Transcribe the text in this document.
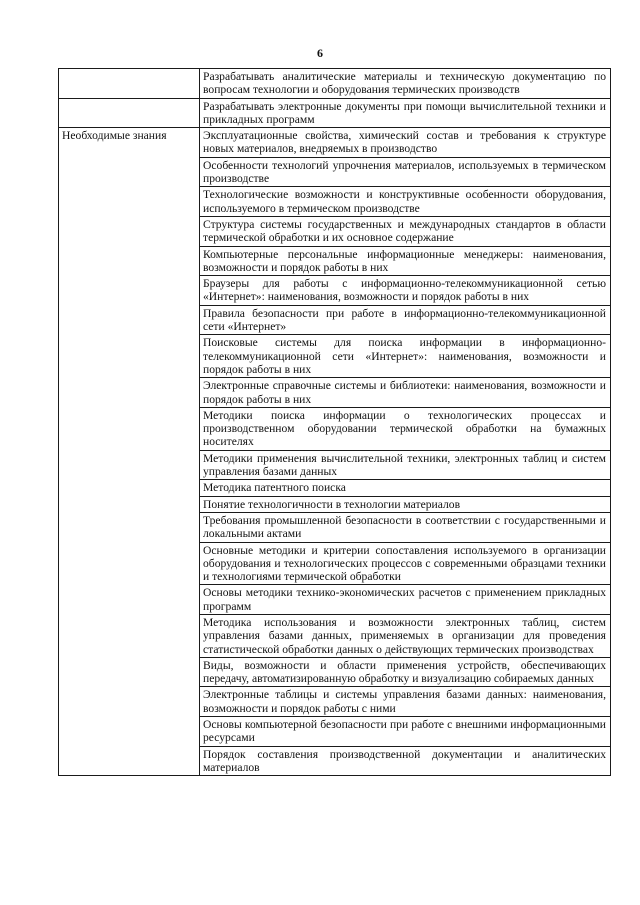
6
	Разрабатывать аналитические материалы и техническую документацию по вопросам технологии и оборудования термических производств
	Разрабатывать электронные документы при помощи вычислительной техники и прикладных программ
Необходимые знания	Эксплуатационные свойства, химический состав и требования к структуре новых материалов, внедряемых в производство
	Особенности технологий упрочнения материалов, используемых в термическом производстве
	Технологические возможности и конструктивные особенности оборудования, используемого в термическом производстве
	Структура системы государственных и международных стандартов в области термической обработки и их основное содержание
	Компьютерные персональные информационные менеджеры: наименования, возможности и порядок работы в них
	Браузеры для работы с информационно-телекоммуникационной сетью «Интернет»: наименования, возможности и порядок работы в них
	Правила безопасности при работе в информационно-телекоммуникационной сети «Интернет»
	Поисковые системы для поиска информации в информационно-телекоммуникационной сети «Интернет»: наименования, возможности и порядок работы в них
	Электронные справочные системы и библиотеки: наименования, возможности и порядок работы в них
	Методики поиска информации о технологических процессах и производственном оборудовании термической обработки на бумажных носителях
	Методики применения вычислительной техники, электронных таблиц и систем управления базами данных
	Методика патентного поиска
	Понятие технологичности в технологии материалов
	Требования промышленной безопасности в соответствии с государственными и локальными актами
	Основные методики и критерии сопоставления используемого в организации оборудования и технологических процессов с современными образцами техники и технологиями термической обработки
	Основы методики технико-экономических расчетов с применением прикладных программ
	Методика использования и возможности электронных таблиц, систем управления базами данных, применяемых в организации для проведения статистической обработки данных о действующих термических производствах
	Виды, возможности и области применения устройств, обеспечивающих передачу, автоматизированную обработку и визуализацию собираемых данных
	Электронные таблицы и системы управления базами данных: наименования, возможности и порядок работы с ними
	Основы компьютерной безопасности при работе с внешними информационными ресурсами
	Порядок составления производственной документации и аналитических материалов
